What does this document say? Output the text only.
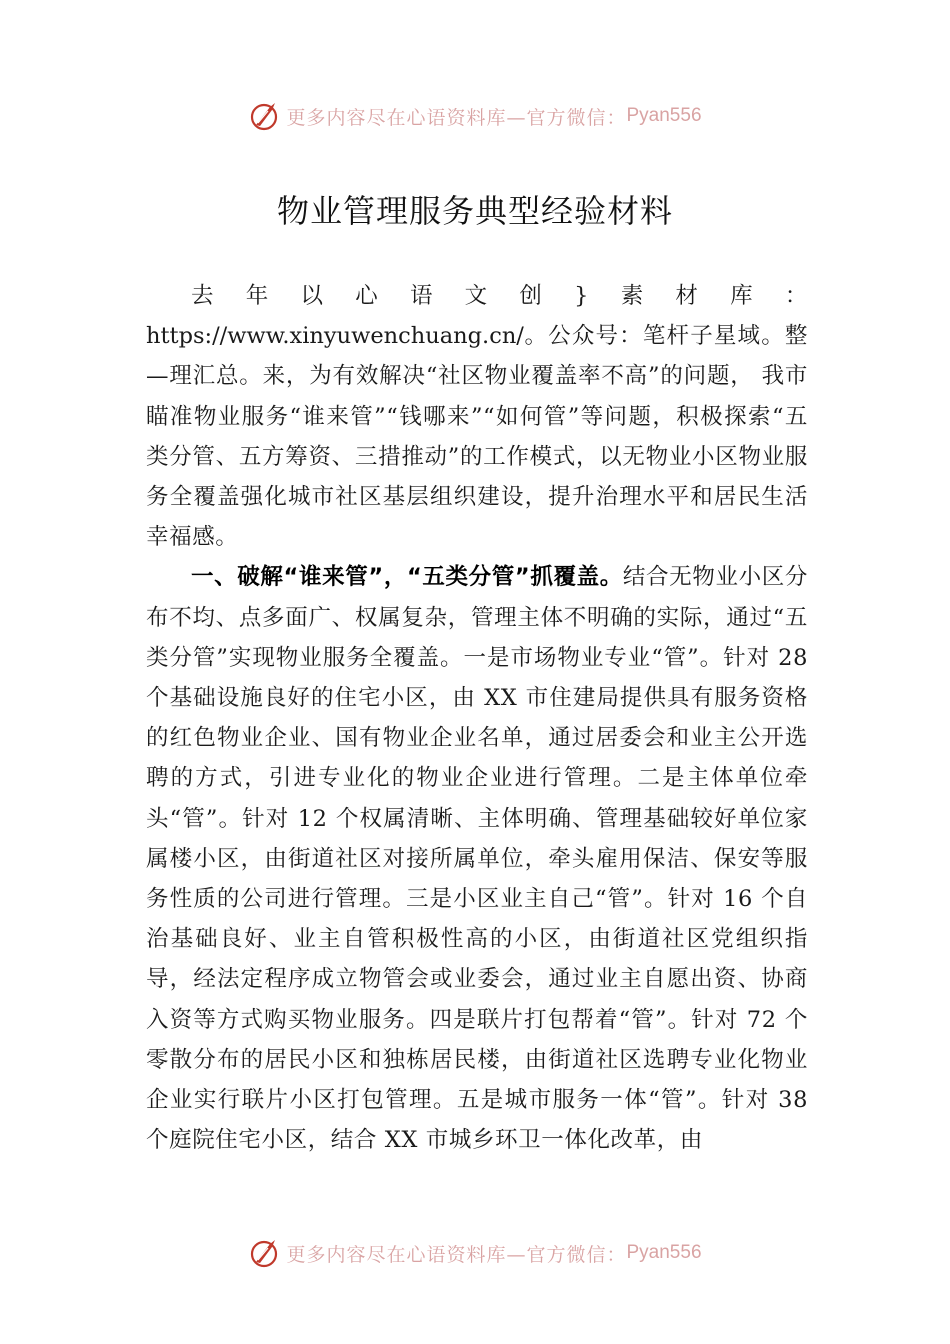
更多内容尽在心语资料库—官方微信： Pyan556
物业管理服务典型经验材料

去年以心语文创}素材库：https://www.xinyuwenchuang.cn/。公众号：笔杆子星域。整—理汇总。来，为有效解决“社区物业覆盖率不高”的问题， 我市瞄准物业服务“谁来管”“钱哪来”“如何管”等问题，积极探索“五类分管、五方筹资、三措推动”的工作模式，以无物业小区物业服务全覆盖强化城市社区基层组织建设，提升治理水平和居民生活幸福感。

一、破解“谁来管”，“五类分管”抓覆盖。结合无物业小区分布不均、点多面广、权属复杂，管理主体不明确的实际，通过“五类分管”实现物业服务全覆盖。一是市场物业专业“管”。针对 28 个基础设施良好的住宅小区，由 XX 市住建局提供具有服务资格的红色物业企业、国有物业企业名单，通过居委会和业主公开选聘的方式，引进专业化的物业企业进行管理。二是主体单位牵头“管”。针对 12 个权属清晰、主体明确、管理基础较好单位家属楼小区，由街道社区对接所属单位，牵头雇用保洁、保安等服务性质的公司进行管理。三是小区业主自己“管”。针对 16 个自治基础良好、业主自管积极性高的小区，由街道社区党组织指导，经法定程序成立物管会或业委会，通过业主自愿出资、协商入资等方式购买物业服务。四是联片打包帮着“管”。针对 72 个零散分布的居民小区和独栋居民楼，由街道社区选聘专业化物业企业实行联片小区打包管理。五是城市服务一体“管”。针对 38 个庭院住宅小区，结合 XX 市城乡环卫一体化改革，由

更多内容尽在心语资料库—官方微信： Pyan556
